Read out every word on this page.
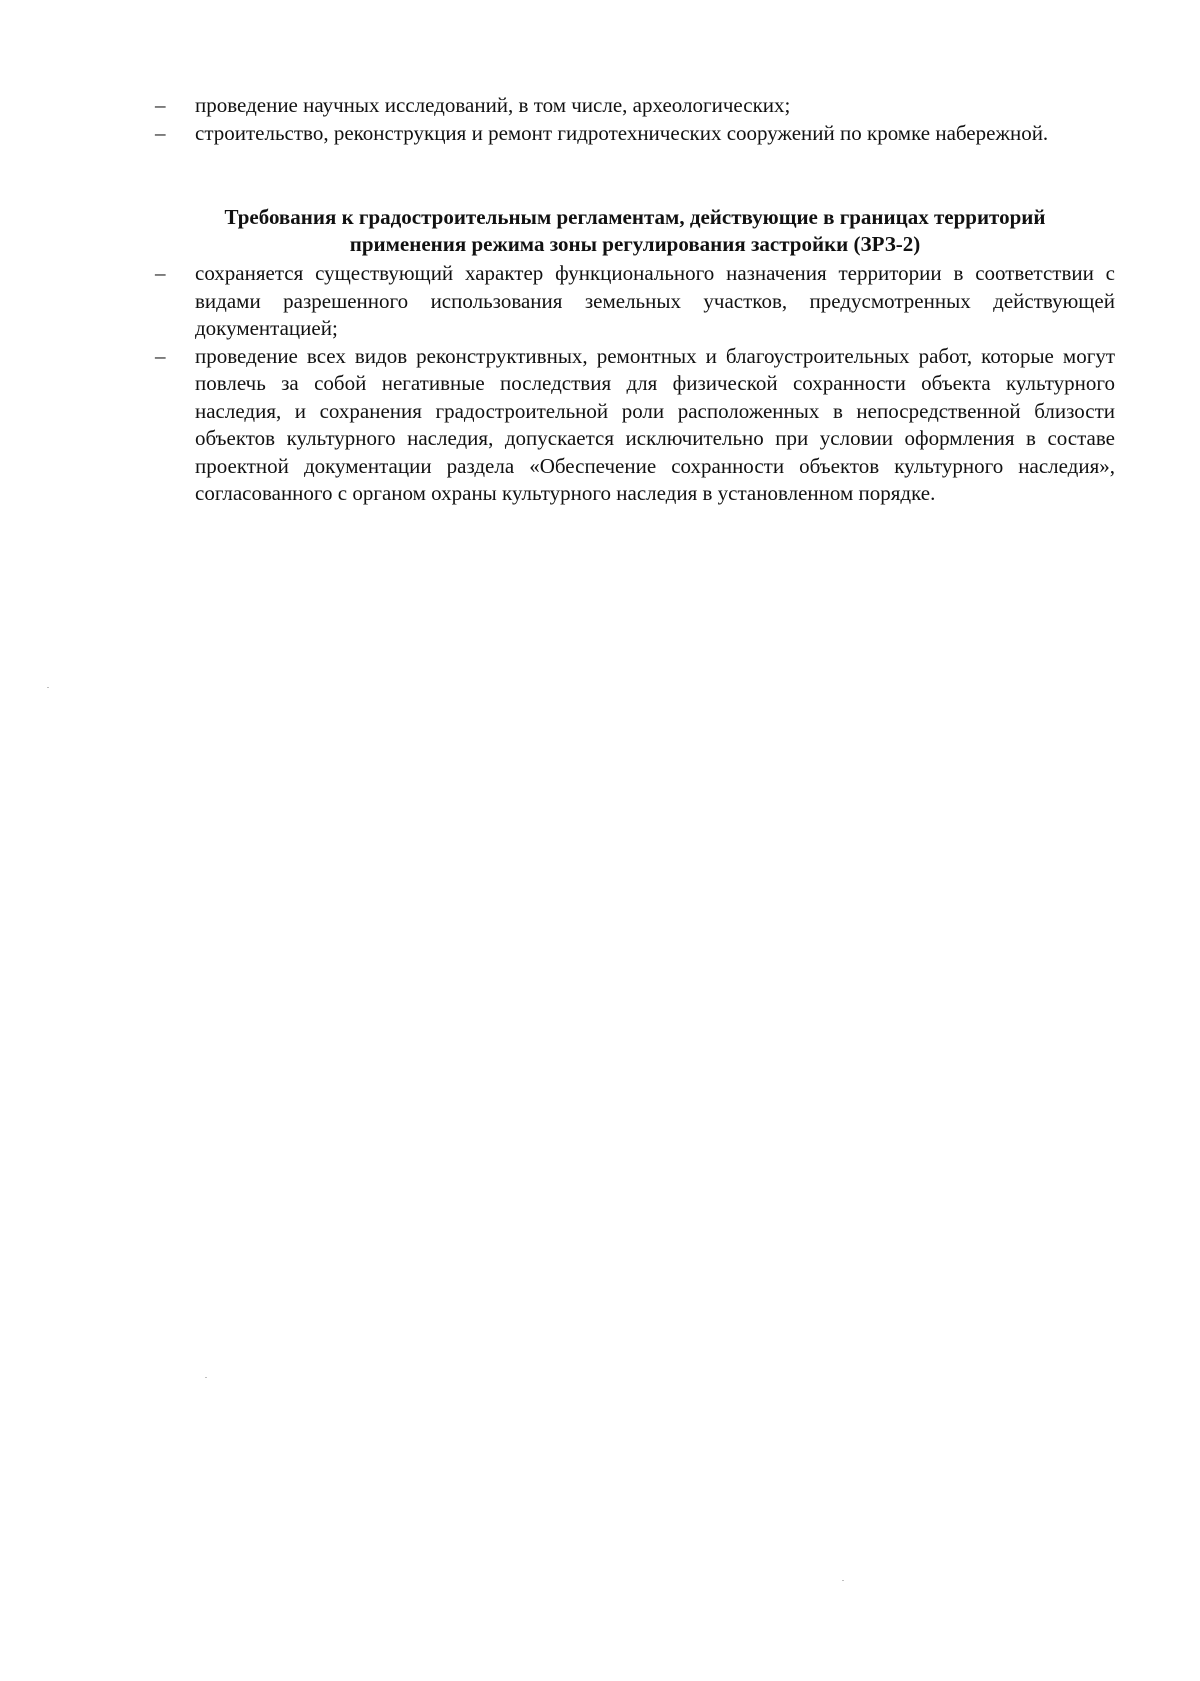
–	проведение научных исследований, в том числе, археологических;
–	строительство, реконструкция и ремонт гидротехнических сооружений по кромке набережной.
Требования к градостроительным регламентам, действующие в границах территорий
применения режима зоны регулирования застройки (ЗРЗ-2)
–	сохраняется существующий характер функционального назначения территории в соответствии с видами разрешенного использования земельных участков, предусмотренных действующей документацией;
–	проведение всех видов реконструктивных, ремонтных и благоустроительных работ, которые могут повлечь за собой негативные последствия для физической сохранности объекта культурного наследия, и сохранения градостроительной роли расположенных в непосредственной близости объектов культурного наследия, допускается исключительно при условии оформления в составе проектной документации раздела «Обеспечение сохранности объектов культурного наследия», согласованного с органом охраны культурного наследия в установленном порядке.
